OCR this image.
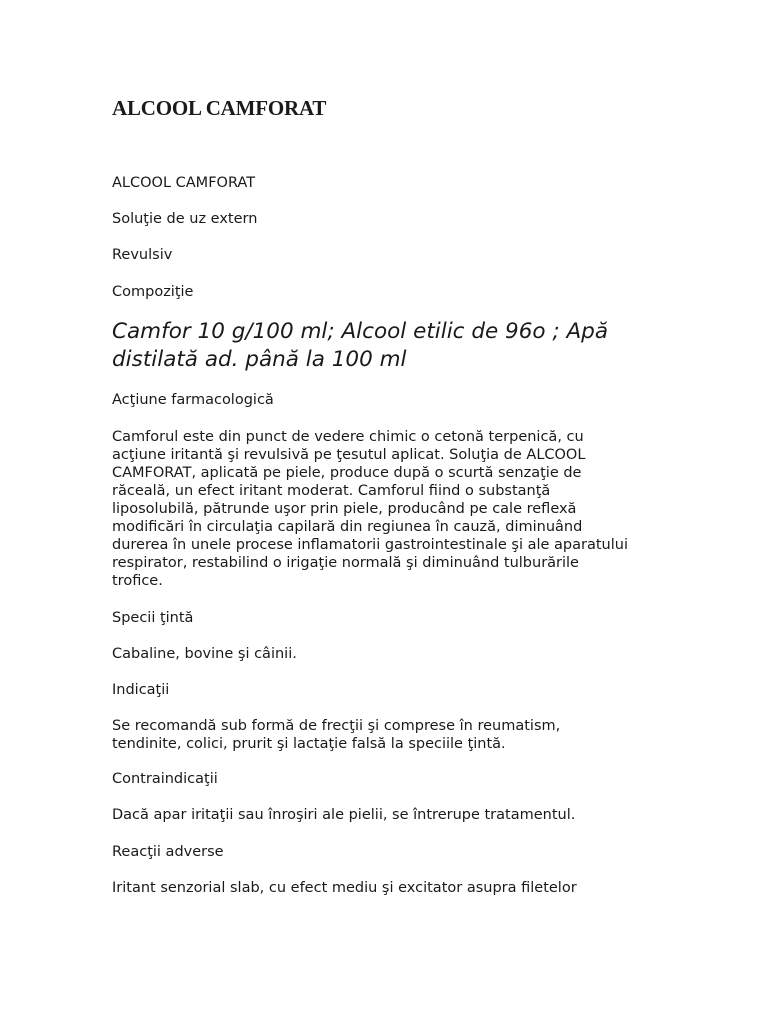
ALCOOL CAMFORAT

ALCOOL CAMFORAT

Soluţie de uz extern

Revulsiv

Compoziţie

Camfor 10 g/100 ml; Alcool etilic de 96o ; Apă
distilată ad. până la 100 ml

Acţiune farmacologică

Camforul este din punct de vedere chimic o cetonă terpenică, cu
acţiune iritantă şi revulsivă pe ţesutul aplicat. Soluţia de ALCOOL
CAMFORAT, aplicată pe piele, produce după o scurtă senzaţie de
răceală, un efect iritant moderat. Camforul fiind o substanţă
liposolubilă, pătrunde uşor prin piele, producând pe cale reflexă
modificări în circulaţia capilară din regiunea în cauză, diminuând
durerea în unele procese inflamatorii gastrointestinale şi ale aparatului
respirator, restabilind o irigaţie normală şi diminuând tulburările
trofice.

Specii ţintă

Cabaline, bovine şi câinii.

Indicaţii

Se recomandă sub formă de frecţii şi comprese în reumatism,
tendinite, colici, prurit şi lactaţie falsă la speciile ţintă.

Contraindicaţii

Dacă apar iritaţii sau înroşiri ale pielii, se întrerupe tratamentul.

Reacţii adverse

Iritant senzorial slab, cu efect mediu şi excitator asupra filetelor
